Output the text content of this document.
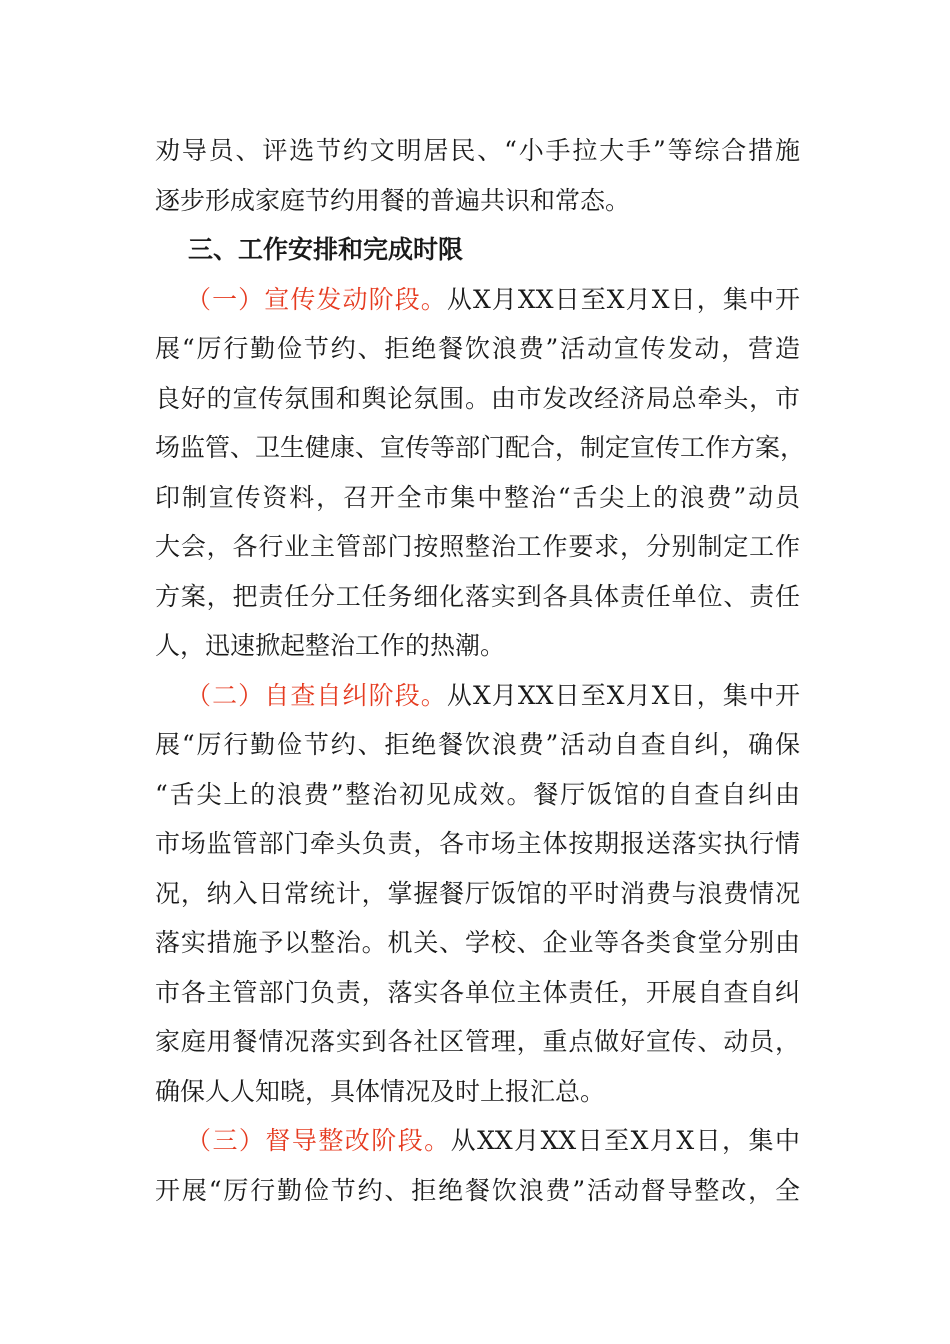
劝导员、评选节约文明居民、“小手拉大手”等综合措施
逐步形成家庭节约用餐的普遍共识和常态。
三、工作安排和完成时限
（一）宣传发动阶段。从X月XX日至X月X日，集中开
展“厉行勤俭节约、拒绝餐饮浪费”活动宣传发动，营造
良好的宣传氛围和舆论氛围。由市发改经济局总牵头，市
场监管、卫生健康、宣传等部门配合，制定宣传工作方案，
印制宣传资料，召开全市集中整治“舌尖上的浪费”动员
大会，各行业主管部门按照整治工作要求，分别制定工作
方案，把责任分工任务细化落实到各具体责任单位、责任
人，迅速掀起整治工作的热潮。
（二）自查自纠阶段。从X月XX日至X月X日，集中开
展“厉行勤俭节约、拒绝餐饮浪费”活动自查自纠，确保
“舌尖上的浪费”整治初见成效。餐厅饭馆的自查自纠由
市场监管部门牵头负责，各市场主体按期报送落实执行情
况，纳入日常统计，掌握餐厅饭馆的平时消费与浪费情况
落实措施予以整治。机关、学校、企业等各类食堂分别由
市各主管部门负责，落实各单位主体责任，开展自查自纠
家庭用餐情况落实到各社区管理，重点做好宣传、动员，
确保人人知晓，具体情况及时上报汇总。
（三）督导整改阶段。从XX月XX日至X月X日，集中
开展“厉行勤俭节约、拒绝餐饮浪费”活动督导整改，全
